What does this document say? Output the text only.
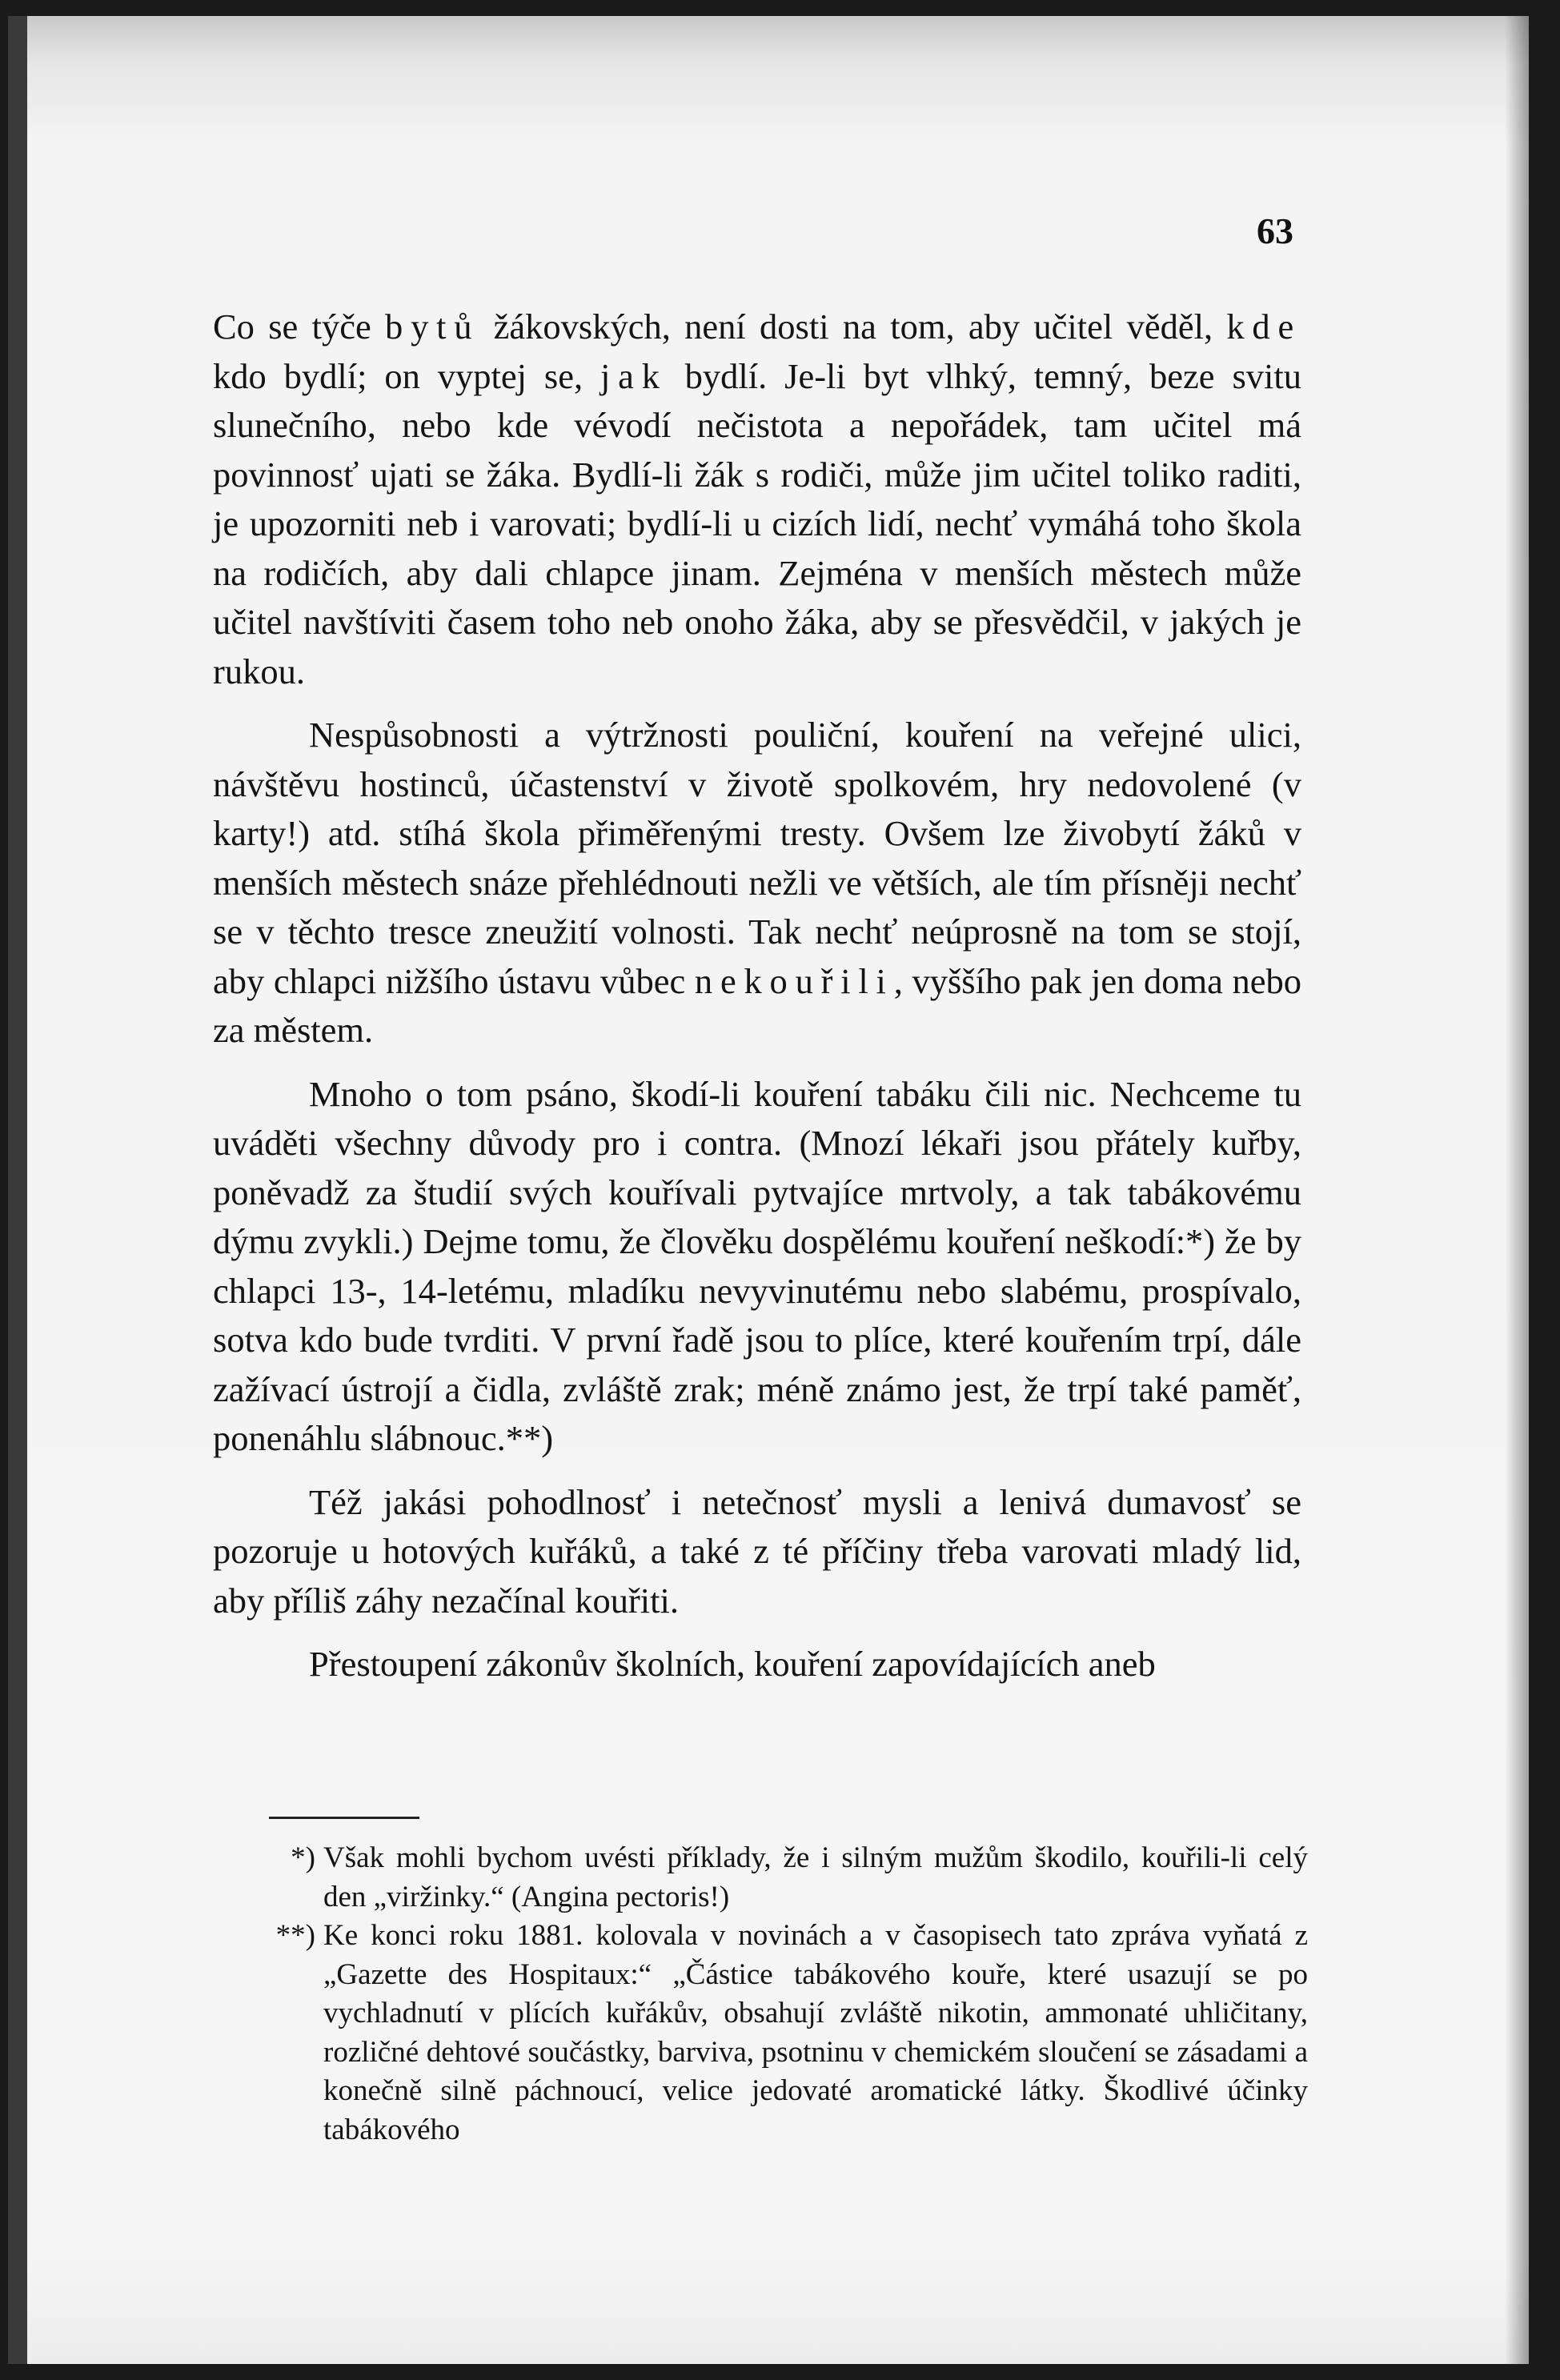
63

Co se týče bytů žákovských, není dosti na tom, aby učitel věděl, kde kdo bydlí; on vyptej se, jak bydlí. Je-li byt vlhký, temný, beze svitu slunečního, nebo kde vévodí nečistota a nepořádek, tam učitel má povinnosť ujati se žáka. Bydlí-li žák s rodiči, může jim učitel toliko raditi, je upozorniti neb i varovati; bydlí-li u cizích lidí, nechť vymáhá toho škola na rodičích, aby dali chlapce jinam. Zejména v menších městech může učitel navštíviti časem toho neb onoho žáka, aby se přesvědčil, v jakých je rukou.

Nespůsobnosti a výtržnosti pouliční, kouření na veřejné ulici, návštěvu hostinců, účastenství v životě spolkovém, hry nedovolené (v karty!) atd. stíhá škola přiměřenými tresty. Ovšem lze živobytí žáků v menších městech snáze přehlédnouti nežli ve větších, ale tím přísněji nechť se v těchto tresce zneužití volnosti. Tak nechť neúprosně na tom se stojí, aby chlapci nižšího ústavu vůbec nekouřili, vyššího pak jen doma nebo za městem.

Mnoho o tom psáno, škodí-li kouření tabáku čili nic. Nechceme tu uváděti všechny důvody pro i contra. (Mnozí lékaři jsou přátely kuřby, poněvadž za študií svých kouřívali pytvajíce mrtvoly, a tak tabákovému dýmu zvykli.) Dejme tomu, že člověku dospělému kouření neškodí:*) že by chlapci 13-, 14-letému, mladíku nevyvinutému nebo slabému, prospívalo, sotva kdo bude tvrditi. V první řadě jsou to plíce, které kouřením trpí, dále zažívací ústrojí a čidla, zvláště zrak; méně známo jest, že trpí také paměť, ponenáhlu slábnouc.**)

Též jakási pohodlnosť i netečnosť mysli a lenivá dumavosť se pozoruje u hotových kuřáků, a také z té příčiny třeba varovati mladý lid, aby příliš záhy nezačínal kouřiti.

Přestoupení zákonův školních, kouření zapovídajících aneb

*) Však mohli bychom uvésti příklady, že i silným mužům škodilo, kouřili-li celý den „viržinky.“ (Angina pectoris!)

**) Ke konci roku 1881. kolovala v novinách a v časopisech tato zpráva vyňatá z „Gazette des Hospitaux:“ „Částice tabákového kouře, které usazují se po vychladnutí v plících kuřákův, obsahují zvláště nikotin, ammonaté uhličitany, rozličné dehtové součástky, barviva, psotninu v chemickém sloučení se zásadami a konečně silně páchnoucí, velice jedovaté aromatické látky. Škodlivé účinky tabákového
